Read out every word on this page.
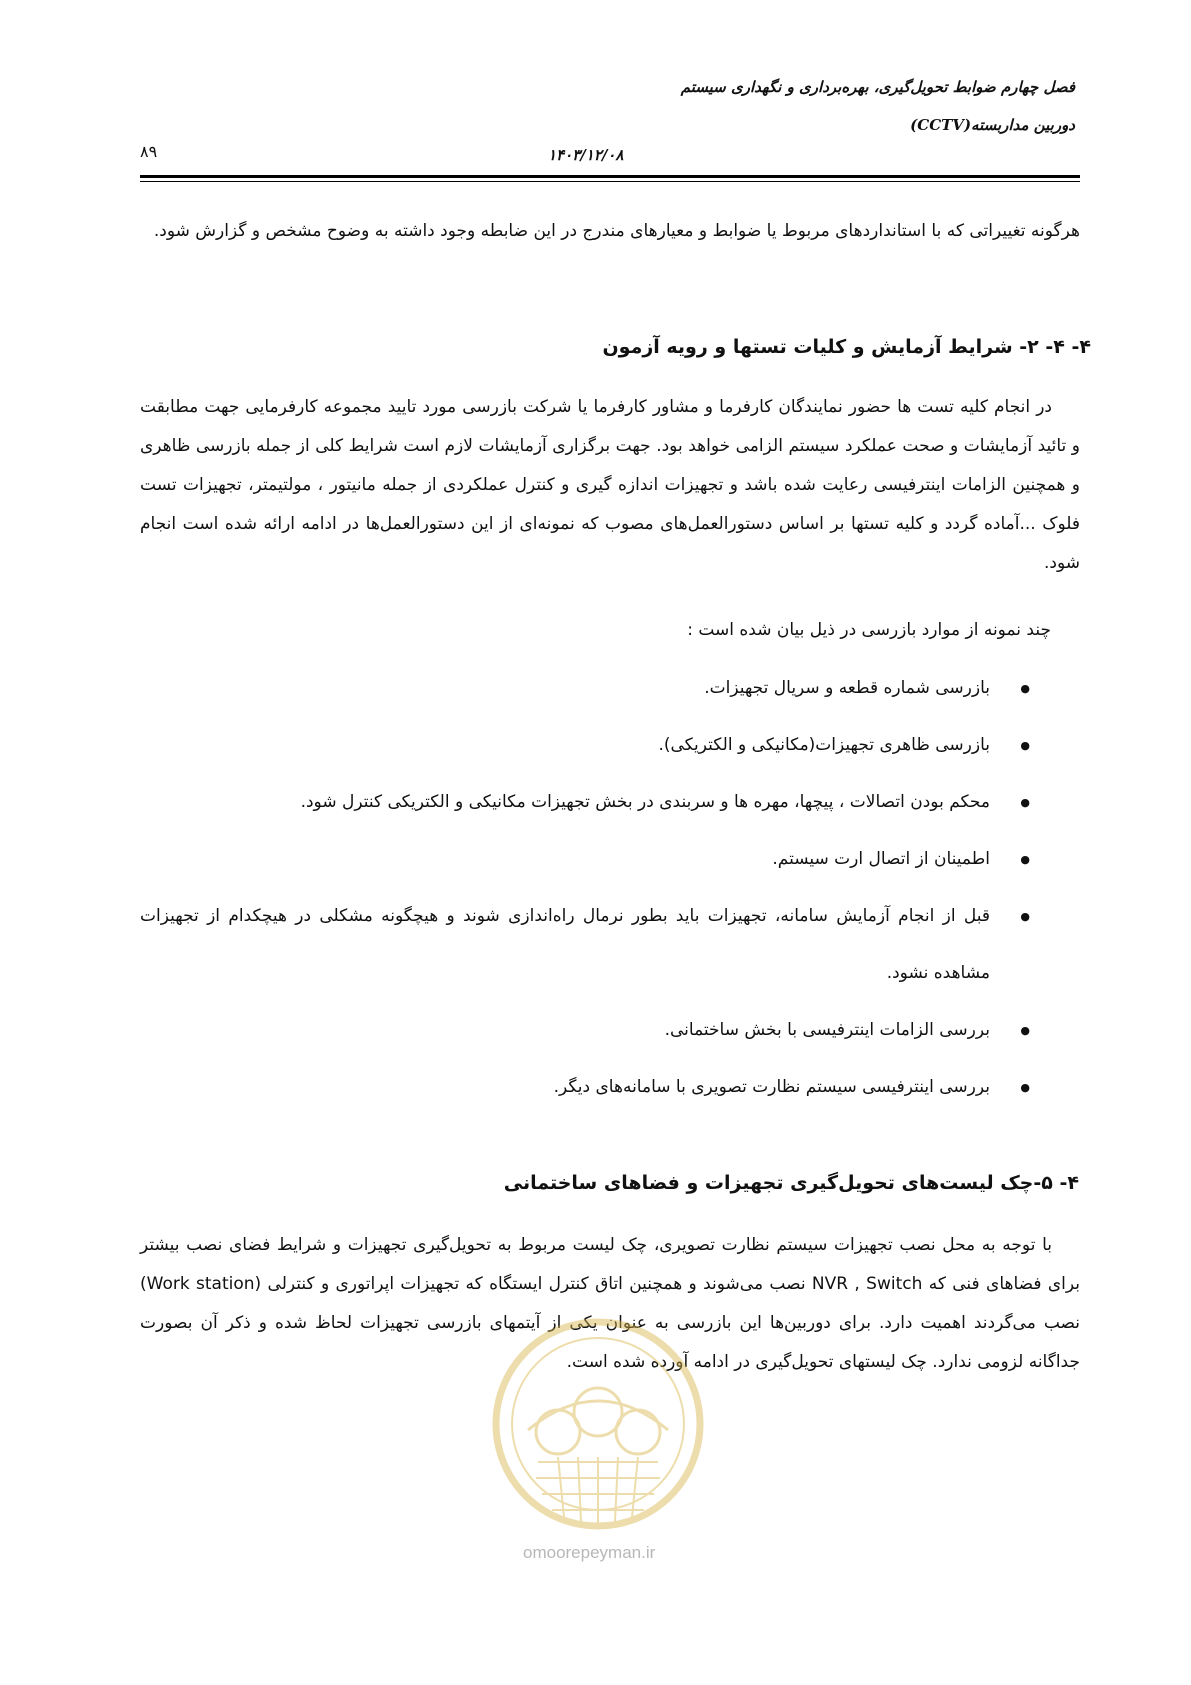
فصل چهارم ضوابط تحویل‌گیری، بهره‌برداری و نگهداری سیستم
دوربین مداربسته(CCTV)
۸۹	۱۴۰۳/۱۲/۰۸
هرگونه تغییراتی که با استانداردهای مربوط یا ضوابط و معیارهای مندرج در این ضابطه وجود داشته به وضوح مشخص و گزارش شود.
۴- ۴- ۲- شرایط آزمایش و کلیات تستها و رویه آزمون
در انجام کلیه تست ها حضور نمایندگان کارفرما و مشاور کارفرما یا شرکت بازرسی مورد تایید مجموعه کارفرمایی جهت مطابقت و تائید آزمایشات و صحت عملکرد سیستم الزامی خواهد بود. جهت برگزاری آزمایشات لازم است شرایط کلی از جمله بازرسی ظاهری و همچنین الزامات اینترفیسی رعایت شده باشد و تجهیزات اندازه گیری و کنترل عملکردی از جمله مانیتور ، مولتیمتر، تجهیزات تست فلوک ...آماده گردد و کلیه تستها بر اساس دستورالعمل‌های مصوب که نمونه‌ای از این دستورالعمل‌ها در ادامه ارائه شده است انجام شود.
چند نمونه از موارد بازرسی در ذیل بیان شده است :
● بازرسی شماره قطعه و سریال تجهیزات.
● بازرسی ظاهری تجهیزات(مکانیکی و الکتریکی).
● محکم بودن اتصالات ، پیچها، مهره ها و سربندی در بخش تجهیزات مکانیکی و الکتریکی کنترل شود.
● اطمینان از اتصال ارت سیستم.
● قبل از انجام آزمایش سامانه، تجهیزات باید بطور نرمال راه‌اندازی شوند و هیچگونه مشکلی در هیچکدام از تجهیزات مشاهده نشود.
● بررسی الزامات اینترفیسی با بخش ساختمانی.
● بررسی اینترفیسی سیستم نظارت تصویری با سامانه‌های دیگر.
۴- ۵-چک لیست‌های تحویل‌گیری تجهیزات و فضاهای ساختمانی
با توجه به محل نصب تجهیزات سیستم نظارت تصویری، چک لیست مربوط به تحویل‌گیری تجهیزات و شرایط فضای نصب بیشتر برای فضاهای فنی که NVR , Switch نصب می‌شوند و همچنین اتاق کنترل ایستگاه که تجهیزات اپراتوری و کنترلی (Work station) نصب می‌گردند اهمیت دارد. برای دوربین‌ها این بازرسی به عنوان یکی از آیتمهای بازرسی تجهیزات لحاظ شده و ذکر آن بصورت جداگانه لزومی ندارد. چک لیستهای تحویل‌گیری در ادامه آورده شده است.
omoorepeyman.ir
